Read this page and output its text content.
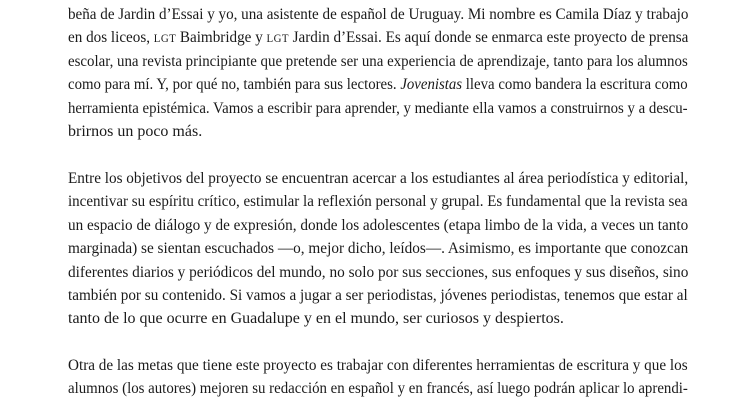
beña de Jardin d’Essai y yo, una asistente de español de Uruguay. Mi nombre es Camila Díaz y trabajo
en dos liceos, LGT Baimbridge y LGT Jardin d’Essai. Es aquí donde se enmarca este proyecto de prensa
escolar, una revista principiante que pretende ser una experiencia de aprendizaje, tanto para los alumnos
como para mí. Y, por qué no, también para sus lectores. Jovenistas lleva como bandera la escritura como
herramienta epistémica. Vamos a escribir para aprender, y mediante ella vamos a construirnos y a descu-
brirnos un poco más.

Entre los objetivos del proyecto se encuentran acercar a los estudiantes al área periodística y editorial,
incentivar su espíritu crítico, estimular la reflexión personal y grupal. Es fundamental que la revista sea
un espacio de diálogo y de expresión, donde los adolescentes (etapa limbo de la vida, a veces un tanto
marginada) se sientan escuchados —o, mejor dicho, leídos—. Asimismo, es importante que conozcan
diferentes diarios y periódicos del mundo, no solo por sus secciones, sus enfoques y sus diseños, sino
también por su contenido. Si vamos a jugar a ser periodistas, jóvenes periodistas, tenemos que estar al
tanto de lo que ocurre en Guadalupe y en el mundo, ser curiosos y despiertos.

Otra de las metas que tiene este proyecto es trabajar con diferentes herramientas de escritura y que los
alumnos (los autores) mejoren su redacción en español y en francés, así luego podrán aplicar lo aprendi-
